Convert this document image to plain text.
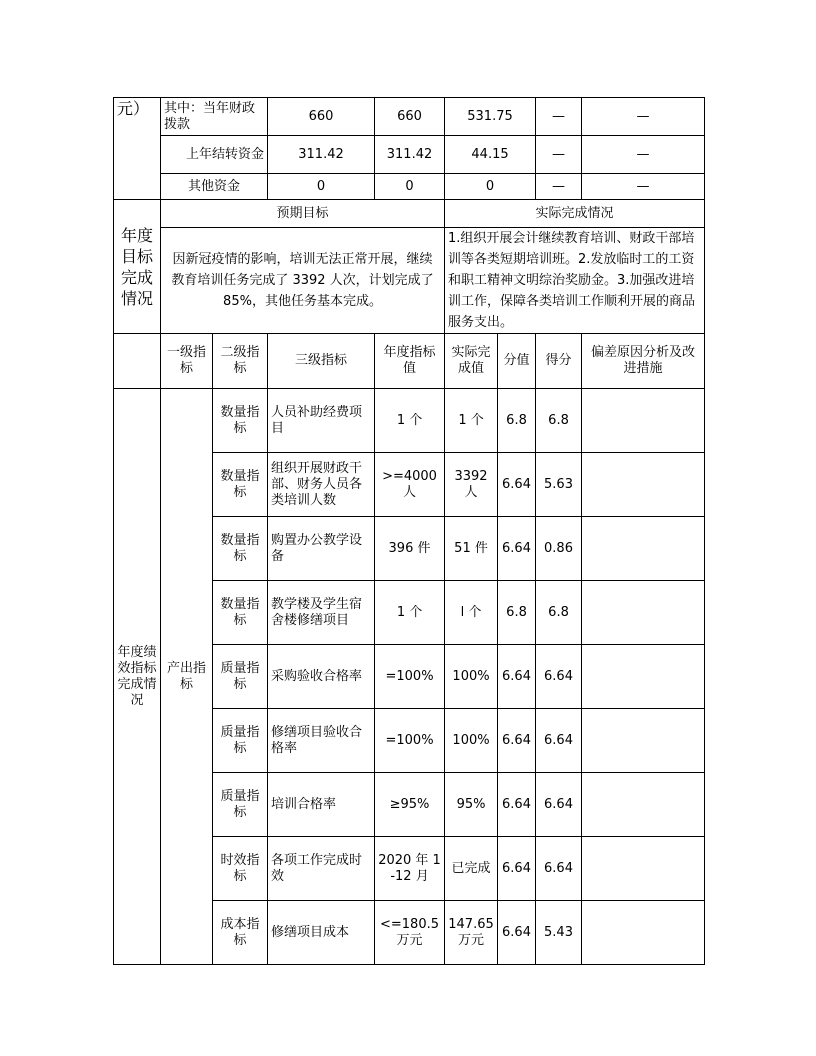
元）	其中：当年财政拨款		660	660	531.75		—	—	
	上年结转资金		311.42	311.42	44.15		—	—	
	其他资金		0	0	0		—	—	
年度目标完成情况	预期目标				实际完成情况				
	因新冠疫情的影响，培训无法正常开展，继续教育培训任务完成了 3392 人次，计划完成了 85%，其他任务基本完成。				1.组织开展会计继续教育培训、财政干部培训等各类短期培训班。2.发放临时工的工资和职工精神文明综治奖励金。3.加强改进培训工作，保障各类培训工作顺利开展的商品服务支出。				
	一级指标	二级指标	三级指标	年度指标值	实际完成值	分值	得分	偏差原因分析及改进措施	
年度绩效指标完成情况	产出指标	数量指标	人员补助经费项目	1 个	1 个	6.8	6.8		
		数量指标	组织开展财政干部、财务人员各类培训人数	>=4000人	3392人	6.64	5.63		
		数量指标	购置办公教学设备	396 件	51 件	6.64	0.86		
		数量指标	教学楼及学生宿舍楼修缮项目	1 个	l 个	6.8	6.8		
		质量指标	采购验收合格率	=100%	100%	6.64	6.64		
		质量指标	修缮项目验收合格率	=100%	100%	6.64	6.64		
		质量指标	培训合格率	≥95%	95%	6.64	6.64		
		时效指标	各项工作完成时效	2020 年 1-12 月	已完成	6.64	6.64		
		成本指标	修缮项目成本	<=180.5万元	147.65万元	6.64	5.43		
